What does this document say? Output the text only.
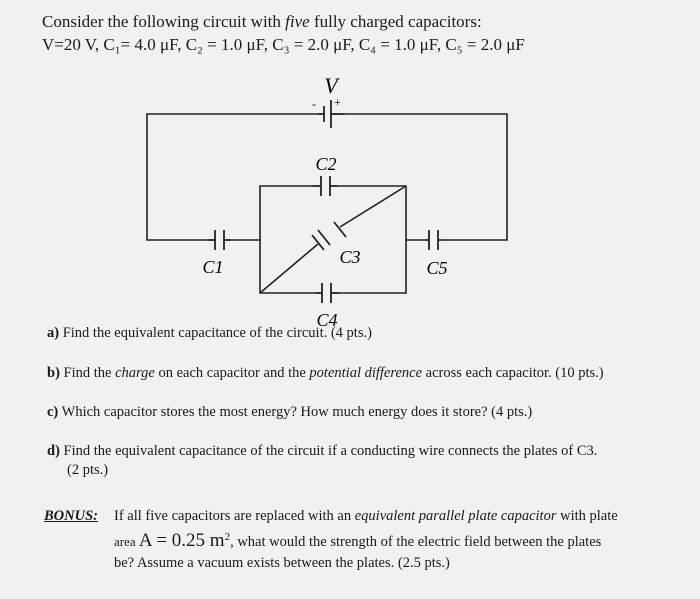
Consider the following circuit with five fully charged capacitors:
V=20 V, C₁= 4.0 μF, C₂ = 1.0 μF, C₃ = 2.0 μF, C₄ = 1.0 μF, C₅ = 2.0 μF
V
- +
C2
C1	C5
C3
C4
a) Find the equivalent capacitance of the circuit. (4 pts.)
b) Find the charge on each capacitor and the potential difference across each capacitor. (10 pts.)
c) Which capacitor stores the most energy? How much energy does it store? (4 pts.)
d) Find the equivalent capacitance of the circuit if a conducting wire connects the plates of C3.
(2 pts.)
BONUS: If all five capacitors are replaced with an equivalent parallel plate capacitor with plate
area A = 0.25 $m^2$, what would the strength of the electric field between the plates
be? Assume a vacuum exists between the plates. (2.5 pts.)
